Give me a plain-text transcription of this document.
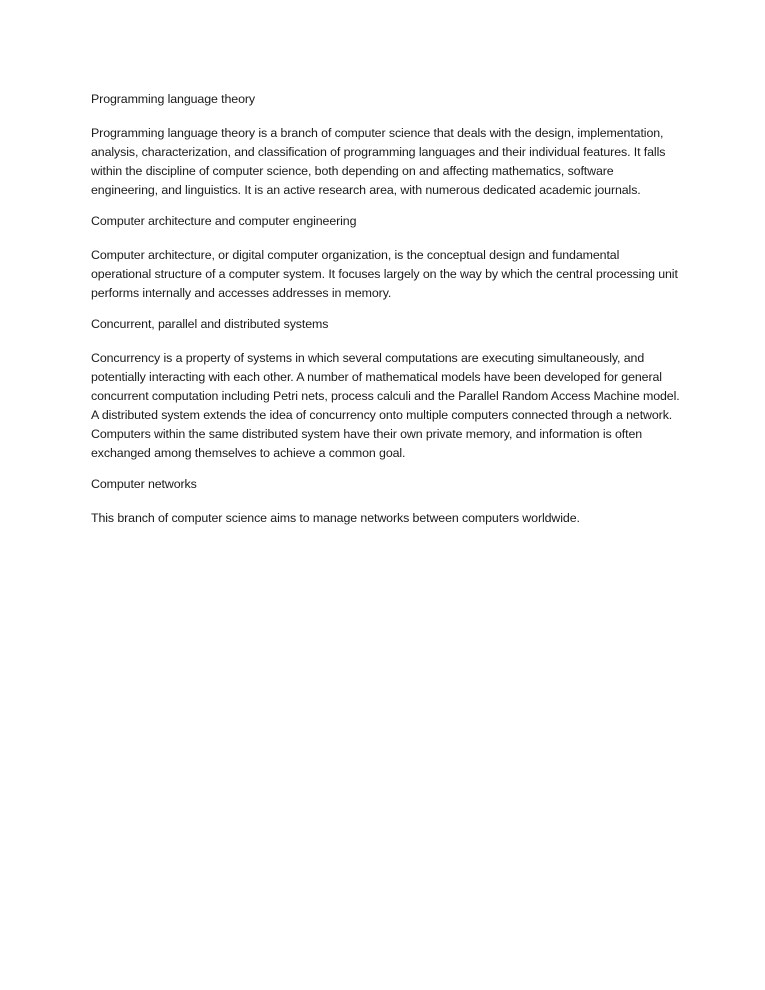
Programming language theory

Programming language theory is a branch of computer science that deals with the design, implementation, analysis, characterization, and classification of programming languages and their individual features. It falls within the discipline of computer science, both depending on and affecting mathematics, software engineering, and linguistics. It is an active research area, with numerous dedicated academic journals.

Computer architecture and computer engineering

Computer architecture, or digital computer organization, is the conceptual design and fundamental operational structure of a computer system. It focuses largely on the way by which the central processing unit performs internally and accesses addresses in memory.

Concurrent, parallel and distributed systems

Concurrency is a property of systems in which several computations are executing simultaneously, and potentially interacting with each other. A number of mathematical models have been developed for general concurrent computation including Petri nets, process calculi and the Parallel Random Access Machine model. A distributed system extends the idea of concurrency onto multiple computers connected through a network. Computers within the same distributed system have their own private memory, and information is often exchanged among themselves to achieve a common goal.

Computer networks

This branch of computer science aims to manage networks between computers worldwide.
